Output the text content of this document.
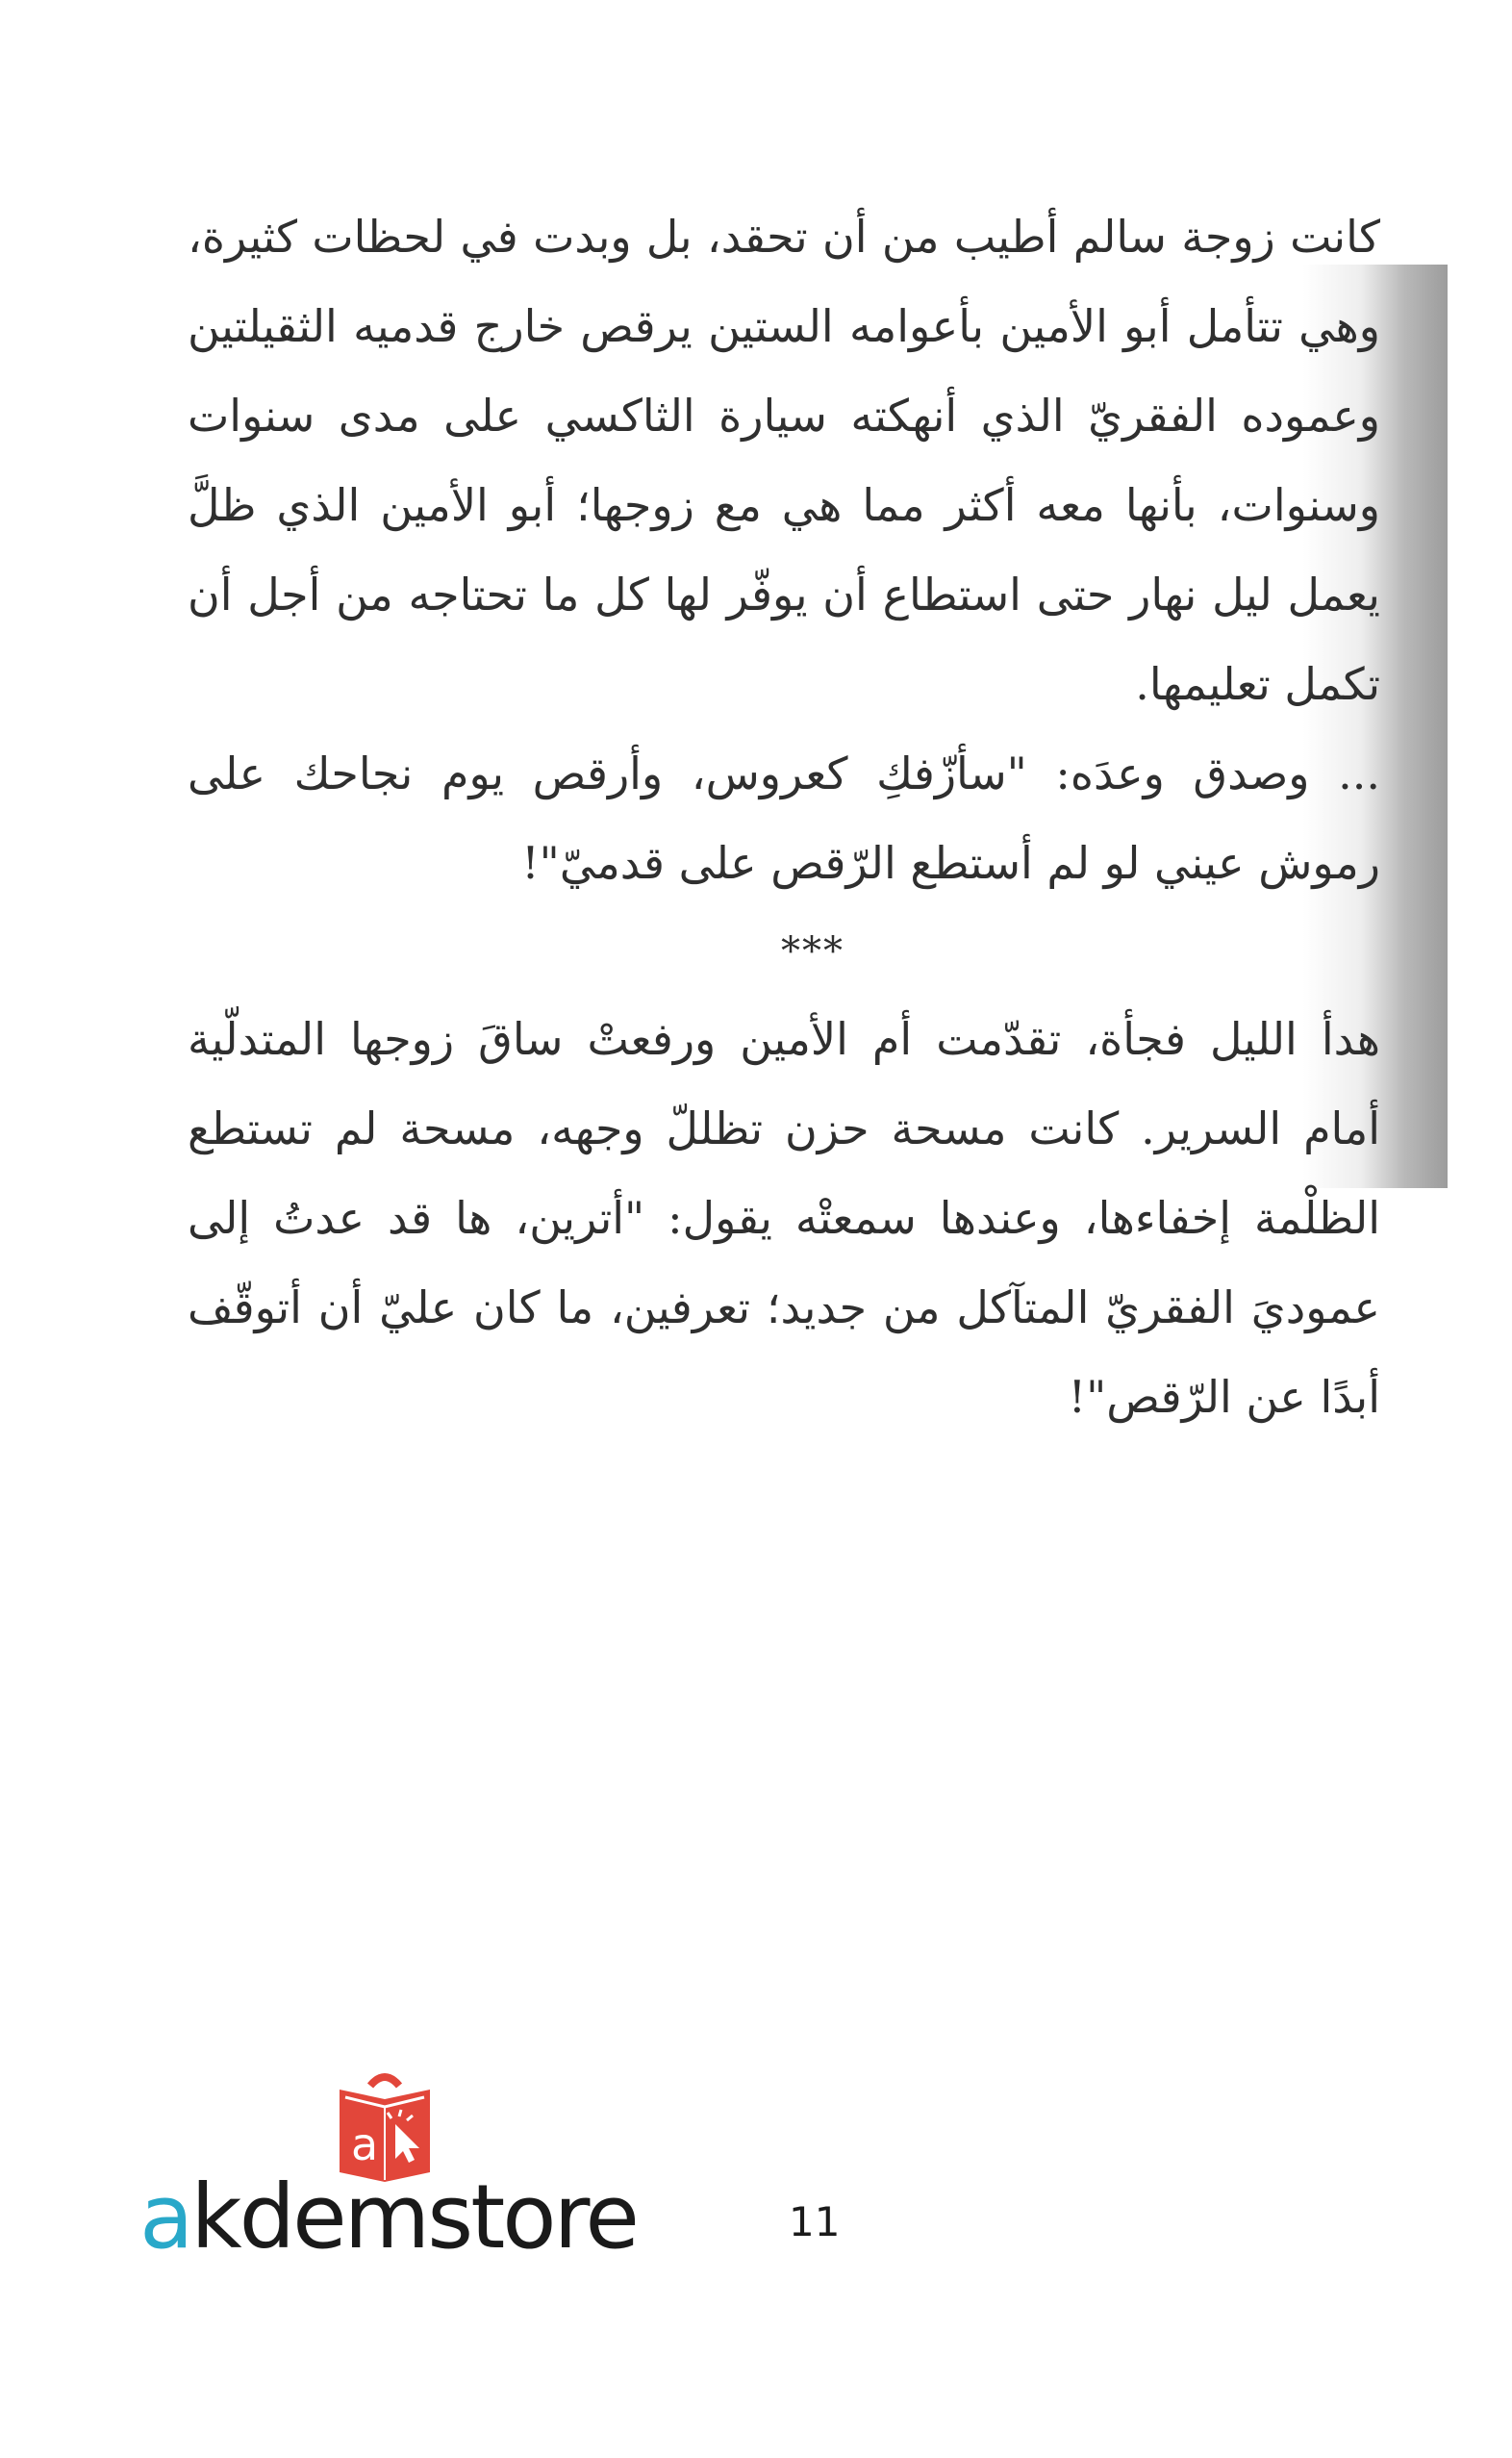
كانت زوجة سالم أطيب من أن تحقد، بل وبدت في لحظات كثيرة، وهي تتأمل أبو الأمين بأعوامه الستين يرقص خارج قدميه الثقيلتين وعموده الفقريّ الذي أنهكته سيارة الثاكسي على مدى سنوات وسنوات، بأنها معه أكثر مما هي مع زوجها؛ أبو الأمين الذي ظلَّ يعمل ليل نهار حتى استطاع أن يوفّر لها كل ما تحتاجه من أجل أن تكمل تعليمها.

... وصدق وعدَه: "سأزّفكِ كعروس، وأرقص يوم نجاحك على رموش عيني لو لم أستطع الرّقص على قدميّ"!

***

هدأ الليل فجأة، تقدّمت أم الأمين ورفعتْ ساقَ زوجها المتدلّية أمام السرير. كانت مسحة حزن تظللّ وجهه، مسحة لم تستطع الظلْمة إخفاءها، وعندها سمعتْه يقول: "أترين، ها قد عدتُ إلى عموديَ الفقريّ المتآكل من جديد؛ تعرفين، ما كان عليّ أن أتوقّف أبدًا عن الرّقص"!

a
akdemstore	11
